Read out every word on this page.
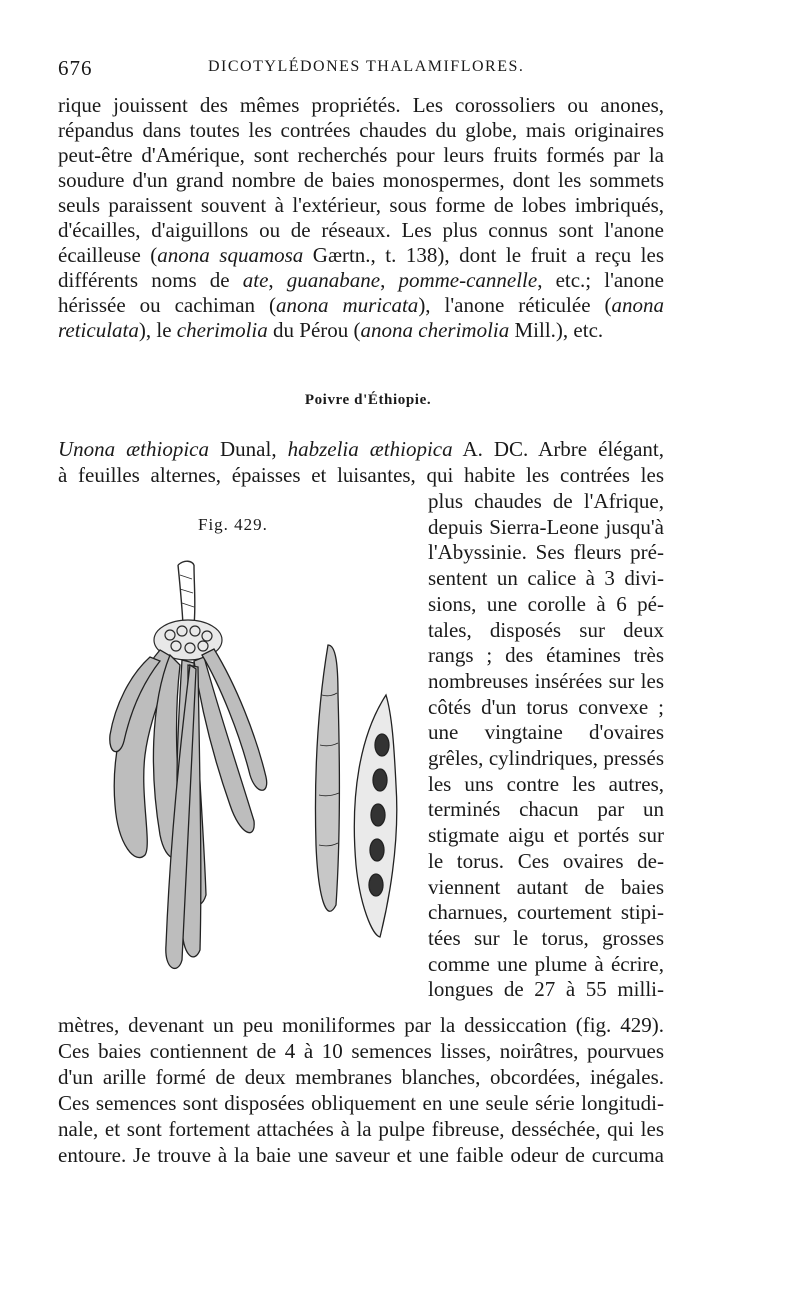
676	DICOTYLÉDONES THALAMIFLORES.
rique jouissent des mêmes propriétés. Les corossoliers ou anones,
répandus dans toutes les contrées chaudes du globe, mais originaires
peut-être d'Amérique, sont recherchés pour leurs fruits formés par la
soudure d'un grand nombre de baies monospermes, dont les sommets
seuls paraissent souvent à l'extérieur, sous forme de lobes imbriqués,
d'écailles, d'aiguillons ou de réseaux. Les plus connus sont l'anone
écailleuse (anona squamosa Gærtn., t. 138), dont le fruit a reçu les
différents noms de ate, guanabane, pomme-cannelle, etc.; l'anone
hérissée ou cachiman (anona muricata), l'anone réticulée (anona
reticulata), le cherimolia du Pérou (anona cherimolia Mill.), etc.
Poivre d'Éthiopie.
Unona æthiopica Dunal, habzelia æthiopica A. DC. Arbre élégant,
à feuilles alternes, épaisses et luisantes, qui habite les contrées les
Fig. 429.
plus chaudes de l'Afrique,
depuis Sierra-Leone jusqu'à
l'Abyssinie. Ses fleurs pré-
sentent un calice à 3 divi-
sions, une corolle à 6 pé-
tales, disposés sur deux
rangs ; des étamines très
nombreuses insérées sur les
côtés d'un torus convexe ;
une vingtaine d'ovaires
grêles, cylindriques, pressés
les uns contre les autres,
terminés chacun par un
stigmate aigu et portés sur
le torus. Ces ovaires de-
viennent autant de baies
charnues, courtement stipi-
tées sur le torus, grosses
comme une plume à écrire,
longues de 27 à 55 milli-
mètres, devenant un peu moniliformes par la dessiccation (fig. 429).
Ces baies contiennent de 4 à 10 semences lisses, noirâtres, pourvues
d'un arille formé de deux membranes blanches, obcordées, inégales.
Ces semences sont disposées obliquement en une seule série longitudi-
nale, et sont fortement attachées à la pulpe fibreuse, desséchée, qui les
entoure. Je trouve à la baie une saveur et une faible odeur de curcuma
